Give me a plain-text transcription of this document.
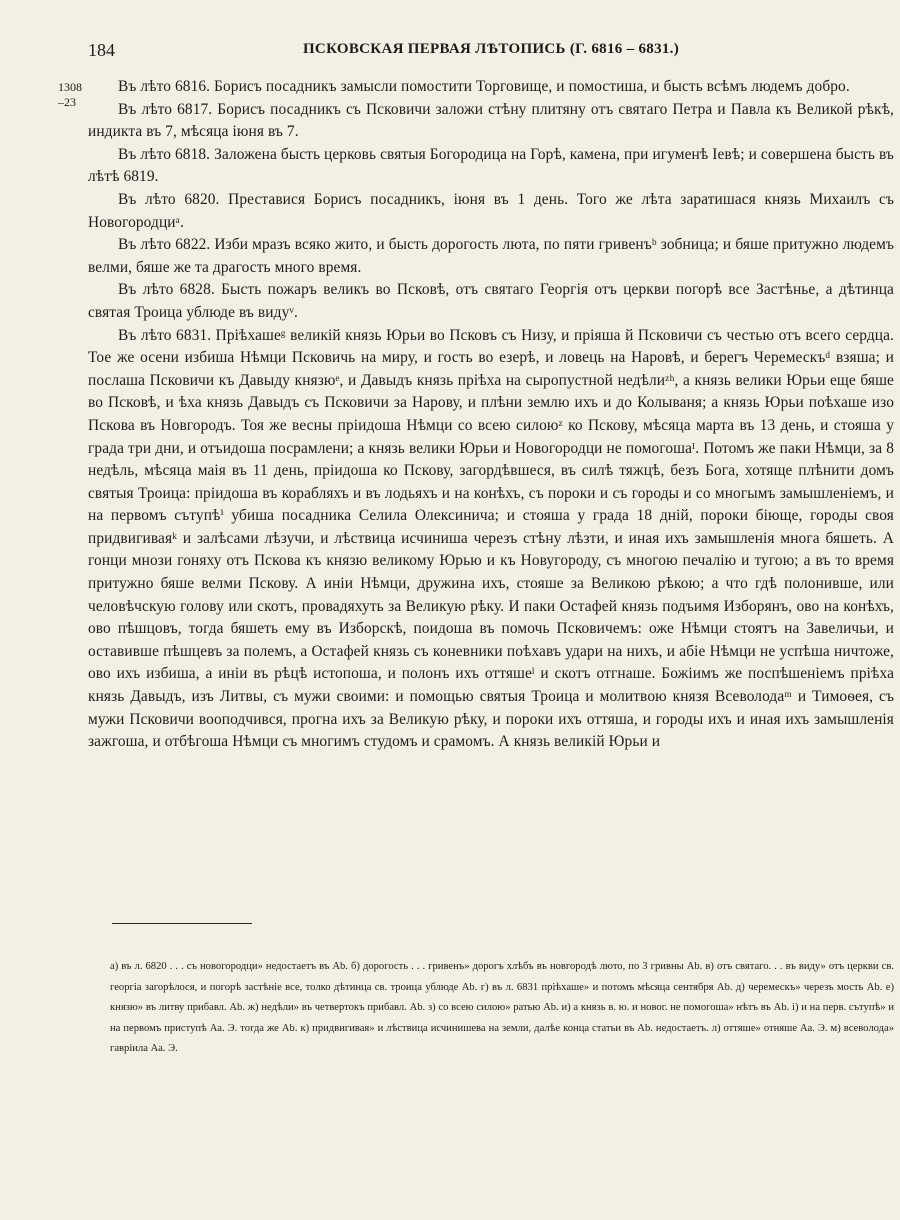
184	ПСКОВСКАЯ ПЕРВАЯ ЛѢТОПИСЬ (Г. 6816 – 6831.)
1308
–23

Въ лѣто 6816. Борисъ посадникъ замысли помостити Торговище, и помостиша, и бысть всѣмъ людемъ добро.

Въ лѣто 6817. Борисъ посадникъ съ Псковичи заложи стѣну плитяну отъ святаго Петра и Павла къ Великой рѣкѣ, индикта въ 7, мѣсяца iюня въ 7.

Въ лѣто 6818. Заложена бысть церковь святыя Богородица на Горѣ, камена, при игуменѣ Iевѣ; и совершена бысть въ лѣтѣ 6819.

Въ лѣто 6820. Преставися Борисъ посадникъ, iюня въ 1 день. Того же лѣта заратишася князь Михаилъ съ Новогородциᵃ.

Въ лѣто 6822. Изби мразъ всяко жито, и бысть дорогость люта, по пяти гривенъᵇ зобница; и бяше притужно людемъ велми, бяше же та драгость много время.

Въ лѣто 6828. Бысть пожаръ великъ во Псковѣ, отъ святаго Георгiя отъ церкви погорѣ все Застѣнье, а дѣтинца святая Троица ублюде въ видуᵛ.

Въ лѣто 6831. Прiѣхашеᵍ великiй князь Юрьи во Псковъ съ Низу, и прiяша й Псковичи съ честью отъ всего сердца. Тое же осени избиша Нѣмци Псковичь на миру, и гость во езерѣ, и ловець на Наровѣ, и берегъ Черемескъᵈ взяша; и послаша Псковичи къ Давыду князюᵉ, и Давыдъ князь прiѣха на сыропустной недѣлиᶻʰ, а князь велики Юрьи еще бяше во Псковѣ, и ѣха князь Давыдъ съ Псковичи за Нарову, и плѣни землю ихъ и до Колываня; а князь Юрьи поѣхаше изо Пскова въ Новгородъ. Тоя же весны прiидоша Нѣмци со всею силоюᶻ ко Пскову, мѣсяца марта въ 13 день, и стояша у града три дни, и отъидоша посрамлени; а князь велики Юрьи и Новогородци не помогошаᴵ. Потомъ же паки Нѣмци, за 8 недѣль, мѣсяца маiя въ 11 день, прiидоша ко Пскову, загордѣвшеся, въ силѣ тяжцѣ, безъ Бога, хотяще плѣнити домъ святыя Троица: прiидоша въ корабляхъ и въ лодьяхъ и на конѣхъ, съ пороки и съ городы и со многымъ замышленiемъ, и на первомъ сътупѣⁱ убиша посадника Селила Олексинича; и стояша у града 18 днiй, пороки бiюще, городы своя придвигиваяᵏ и залѣсами лѣзучи, и лѣствица исчиниша черезъ стѣну лѣзти, и иная ихъ замышленiя многа бяшеть. А гонци мнози гоняху отъ Пскова къ князю великому Юрью и къ Новугороду, съ многою печалiю и тугою; а въ то время притужно бяше велми Пскову. А инiи Нѣмци, дружина ихъ, стояше за Великою рѣкою; а что гдѣ полонивше, или человѣчскую голову или скотъ, провадяхуть за Великую рѣку. И паки Остафей князь подъимя Изборянъ, ово на конѣхъ, ово пѣшцовъ, тогда бяшеть ему въ Изборскѣ, поидоша въ помочь Псковичемъ: оже Нѣмци стоятъ на Завеличьи, и оставивше пѣшцевъ за полемъ, а Остафей князь съ коневники поѣхавъ удари на нихъ, и абiе Нѣмци не успѣша ничтоже, ово ихъ избиша, а инiи въ рѣцѣ истопоша, и полонъ ихъ оттяшеˡ и скотъ отгнаше. Божiимъ же поспѣшенiемъ прiѣха князь Давыдъ, изъ Литвы, съ мужи своими: и помощью святыя Троица и молитвою князя Всеволодаᵐ и Тимоѳея, съ мужи Псковичи вооподчився, прогна ихъ за Великую рѣку, и пороки ихъ оттяша, и городы ихъ и иная ихъ замышленiя зажгоша, и отбѣгоша Нѣмци съ многимъ студомъ и срамомъ. А князь великiй Юрьи и

а) въ л. 6820 . . . съ новогородци» недостаетъ въ Аb. б) дорогость . . . гривенъ» дорогъ хлѣбъ въ новгородѣ люто, по 3 гривны Аb. в) отъ святаго. . . въ виду» отъ церкви св. георгiа загорѣлося, и погорѣ застѣнiе все, толко дѣтинца св. троица ублюде Аb. г) въ л. 6831 прiѣхаше» и потомъ мѣсяца сентября Аb. д) черемескъ» черезъ мость Аb. е) князю» въ литву прибавл. Аb. ж) недѣли» въ четвертокъ прибавл. Аb. з) со всею силою» ратью Аb. и) а князь в. ю. и новог. не помогоша» нѣтъ въ Аb. i) и на перв. сътупѣ» и на первомъ приступѣ Аа. Э. тогда же Аb. к) придвигивая» и лѣствица исчинишева на земли, далѣе конца статьи въ Аb. недостаетъ. л) оттяше» отняше Аа. Э. м) всеволода» гаврiила Аа. Э.
